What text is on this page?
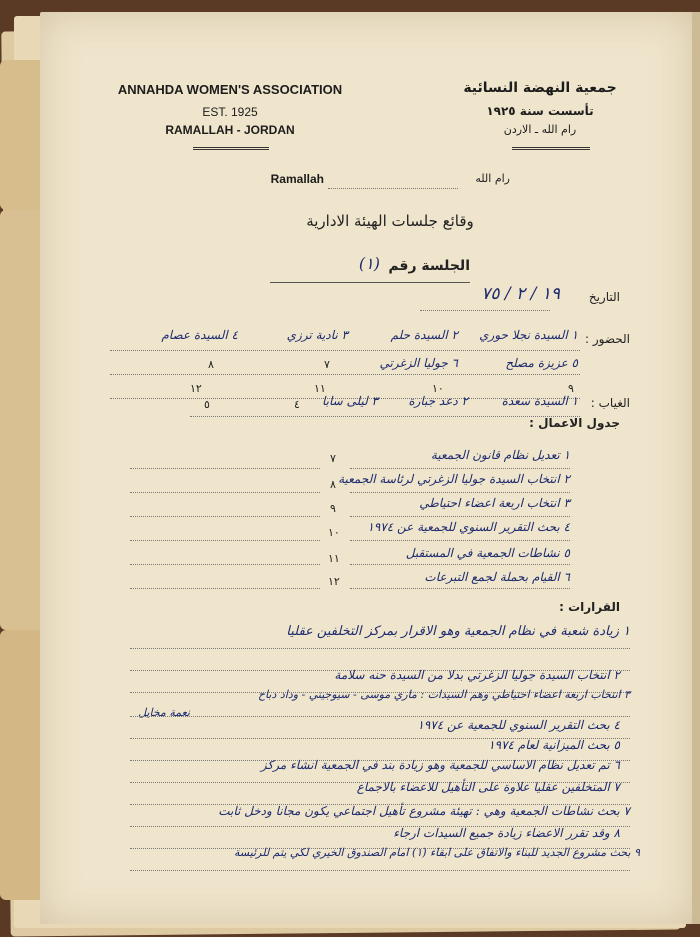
ANNAHDA WOMEN'S ASSOCIATION
EST. 1925
RAMALLAH - JORDAN
جمعية النهضة النسائية
تأسست سنة ١٩٢٥
رام الله ـ الاردن
Ramallah	رام الله
وقائع جلسات الهيئة الادارية
الجلسة رقم
(١)
التاريخ
١٩ / ٢ / ٧٥
الحضور :
١ السيدة نجلا حوري
٢ السيدة حلم
٣ نادية ترزي
٤ السيدة عصام
٥ عزيزة مصلح
٦ جوليا الزغرتي
٧
٨
٩
١٠
١١
١٢
الغياب :
١ السيدة سعدة
٢ دعد جبارة
٣ ليلى سابا
٤
٥
جدول الاعمال :
١ تعديل نظام قانون الجمعية
٧
٢ انتخاب السيدة جوليا الزغرتي لرئاسة الجمعية
٨
٣ انتخاب اربعة اعضاء احتياطي
٩
٤ بحث التقرير السنوي للجمعية عن ١٩٧٤
١٠
٥ نشاطات الجمعية في المستقبل
١١
٦ القيام بحملة لجمع التبرعات
١٢
القرارات :
١ زيادة شعبة في نظام الجمعية وهو الاقرار بمركز التخلفين عقليا
٢ انتخاب السيدة جوليا الزغرتي بدلا من السيدة حنه سلامة
٣ انتخاب اربعة اعضاء احتياطي وهم السيدات : ماري موسى - سيوجيني - وداد دباح
نعمة مخايل
٤ بحث التقرير السنوي للجمعية عن ١٩٧٤
٥ بحث الميزانية لعام ١٩٧٤
٦ تم تعديل نظام الاساسي للجمعية وهو زيادة بند في الجمعية انشاء مركز
٧ المتخلفين عقليا علاوة على التأهيل للاعضاء بالاجماع
٧ بحث نشاطات الجمعية وهي : تهيئة مشروع تأهيل اجتماعي يكون مجانا ودخل ثابت
٨ وقد تقرر الاعضاء زيادة جميع السيدات ارجاء
٩ بحث مشروع الجديد للبناء والاتفاق على ابقاء (١) امام الصندوق الخيري لكي يتم للرئيسة
